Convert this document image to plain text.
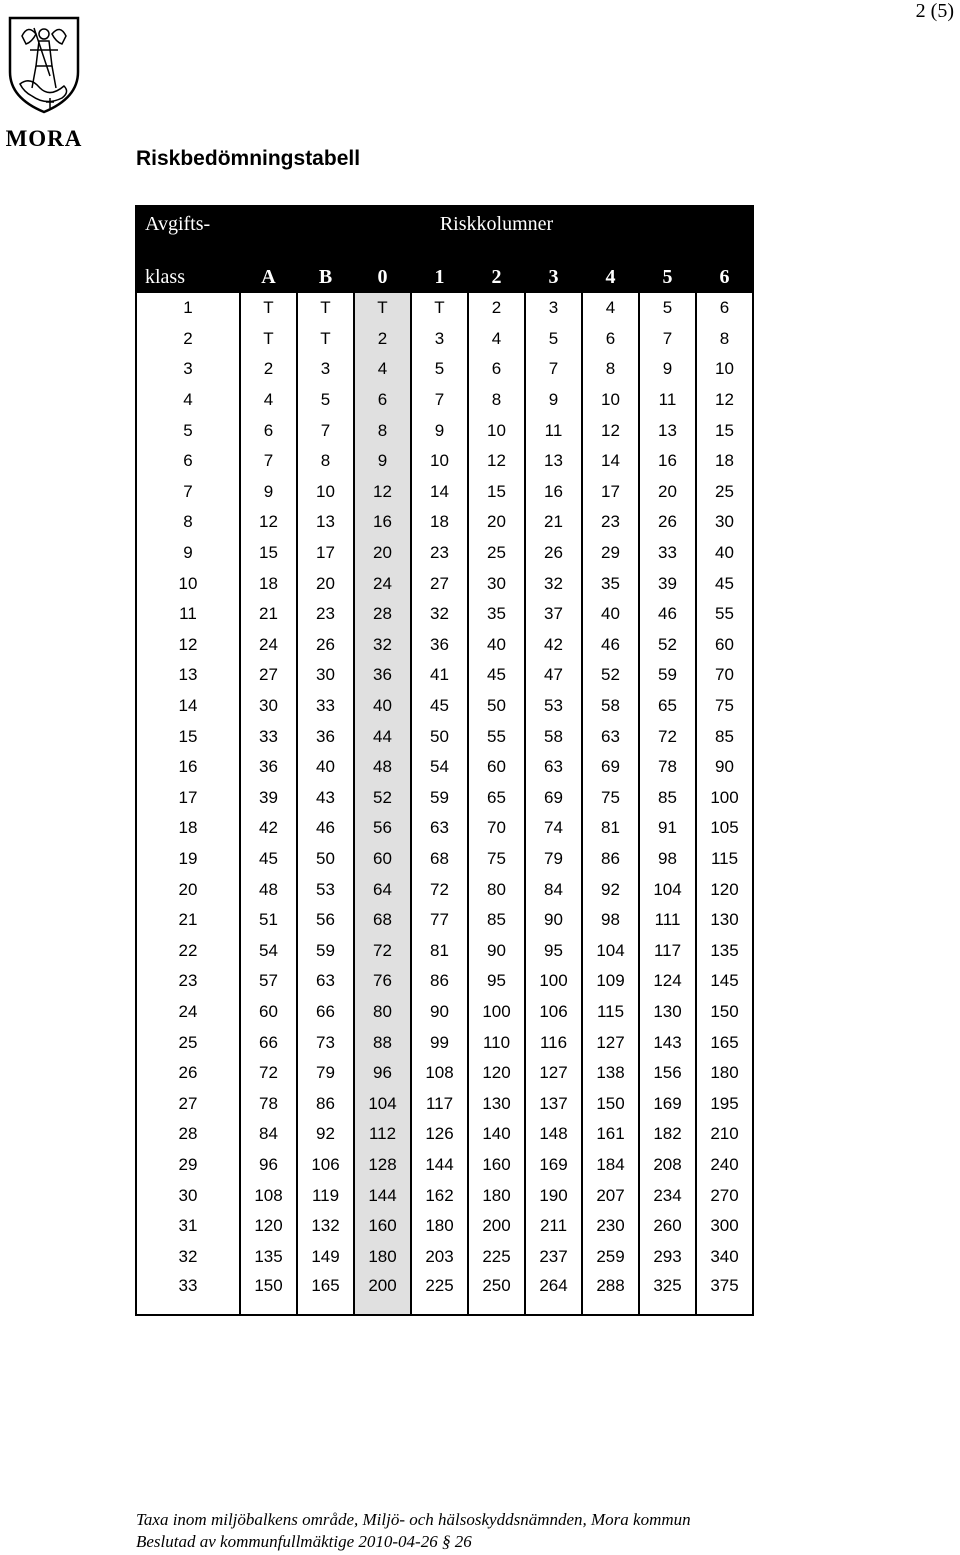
2 (5)
MORA
Riskbedömningstabell
Avgifts-	Riskkolumner								
klass	A	B	0	1	2	3	4	5	6
1	T	T	T	T	2	3	4	5	6
2	T	T	2	3	4	5	6	7	8
3	2	3	4	5	6	7	8	9	10
4	4	5	6	7	8	9	10	11	12
5	6	7	8	9	10	11	12	13	15
6	7	8	9	10	12	13	14	16	18
7	9	10	12	14	15	16	17	20	25
8	12	13	16	18	20	21	23	26	30
9	15	17	20	23	25	26	29	33	40
10	18	20	24	27	30	32	35	39	45
11	21	23	28	32	35	37	40	46	55
12	24	26	32	36	40	42	46	52	60
13	27	30	36	41	45	47	52	59	70
14	30	33	40	45	50	53	58	65	75
15	33	36	44	50	55	58	63	72	85
16	36	40	48	54	60	63	69	78	90
17	39	43	52	59	65	69	75	85	100
18	42	46	56	63	70	74	81	91	105
19	45	50	60	68	75	79	86	98	115
20	48	53	64	72	80	84	92	104	120
21	51	56	68	77	85	90	98	111	130
22	54	59	72	81	90	95	104	117	135
23	57	63	76	86	95	100	109	124	145
24	60	66	80	90	100	106	115	130	150
25	66	73	88	99	110	116	127	143	165
26	72	79	96	108	120	127	138	156	180
27	78	86	104	117	130	137	150	169	195
28	84	92	112	126	140	148	161	182	210
29	96	106	128	144	160	169	184	208	240
30	108	119	144	162	180	190	207	234	270
31	120	132	160	180	200	211	230	260	300
32	135	149	180	203	225	237	259	293	340
33	150	165	200	225	250	264	288	325	375
Taxa inom miljöbalkens område, Miljö- och hälsoskyddsnämnden, Mora kommun
Beslutad av kommunfullmäktige 2010-04-26 § 26
